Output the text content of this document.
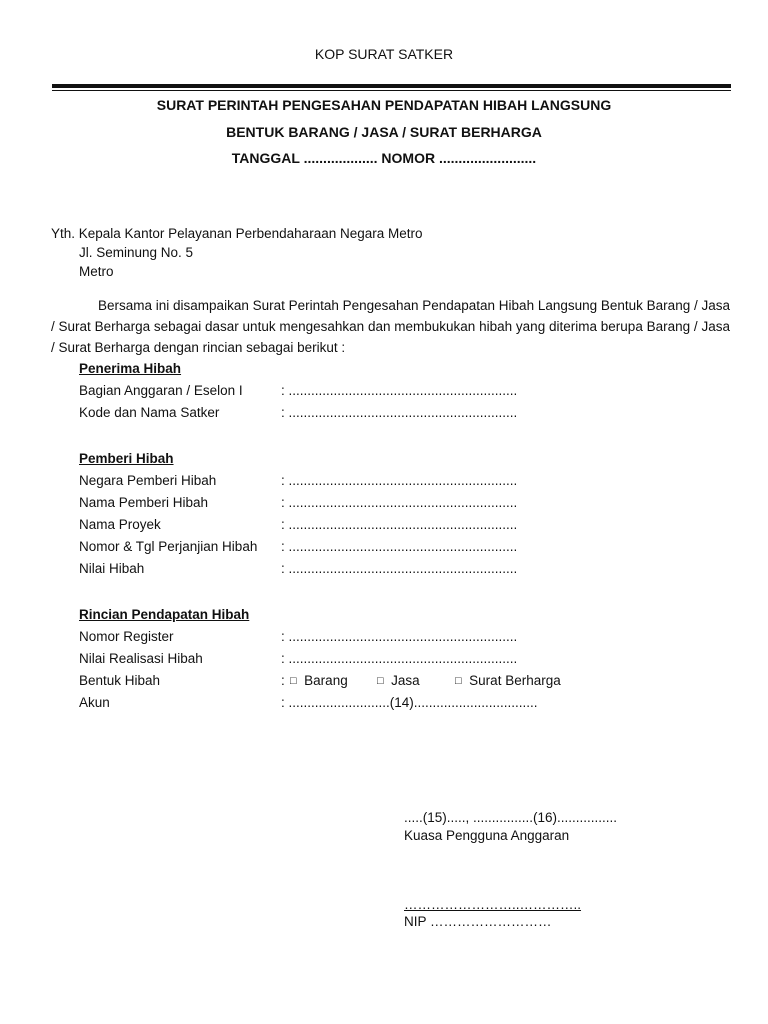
KOP SURAT SATKER
SURAT PERINTAH PENGESAHAN PENDAPATAN HIBAH LANGSUNG
BENTUK BARANG / JASA / SURAT BERHARGA
TANGGAL ................... NOMOR .........................
Yth. Kepala Kantor Pelayanan Perbendaharaan Negara Metro
Jl. Seminung No. 5
Metro
Bersama ini disampaikan Surat Perintah Pengesahan Pendapatan Hibah Langsung Bentuk Barang / Jasa / Surat Berharga sebagai dasar untuk mengesahkan dan membukukan hibah yang diterima berupa Barang / Jasa / Surat Berharga dengan rincian sebagai berikut :
Penerima Hibah
Bagian Anggaran / Eselon I	: .............................................................
Kode dan Nama Satker	: .............................................................
Pemberi Hibah
Negara Pemberi Hibah	: .............................................................
Nama Pemberi Hibah	: .............................................................
Nama Proyek	: .............................................................
Nomor & Tgl Perjanjian Hibah : .............................................................
Nilai Hibah	: .............................................................
Rincian Pendapatan Hibah
Nomor Register	: .............................................................
Nilai Realisasi Hibah	: .............................................................
Bentuk Hibah	: □ Barang	□ Jasa	□ Surat Berharga
Akun	: ...........................(14).................................
.....(15)....., ................(16)................
Kuasa Pengguna Anggaran
……………………..…………..
NIP ………………………
